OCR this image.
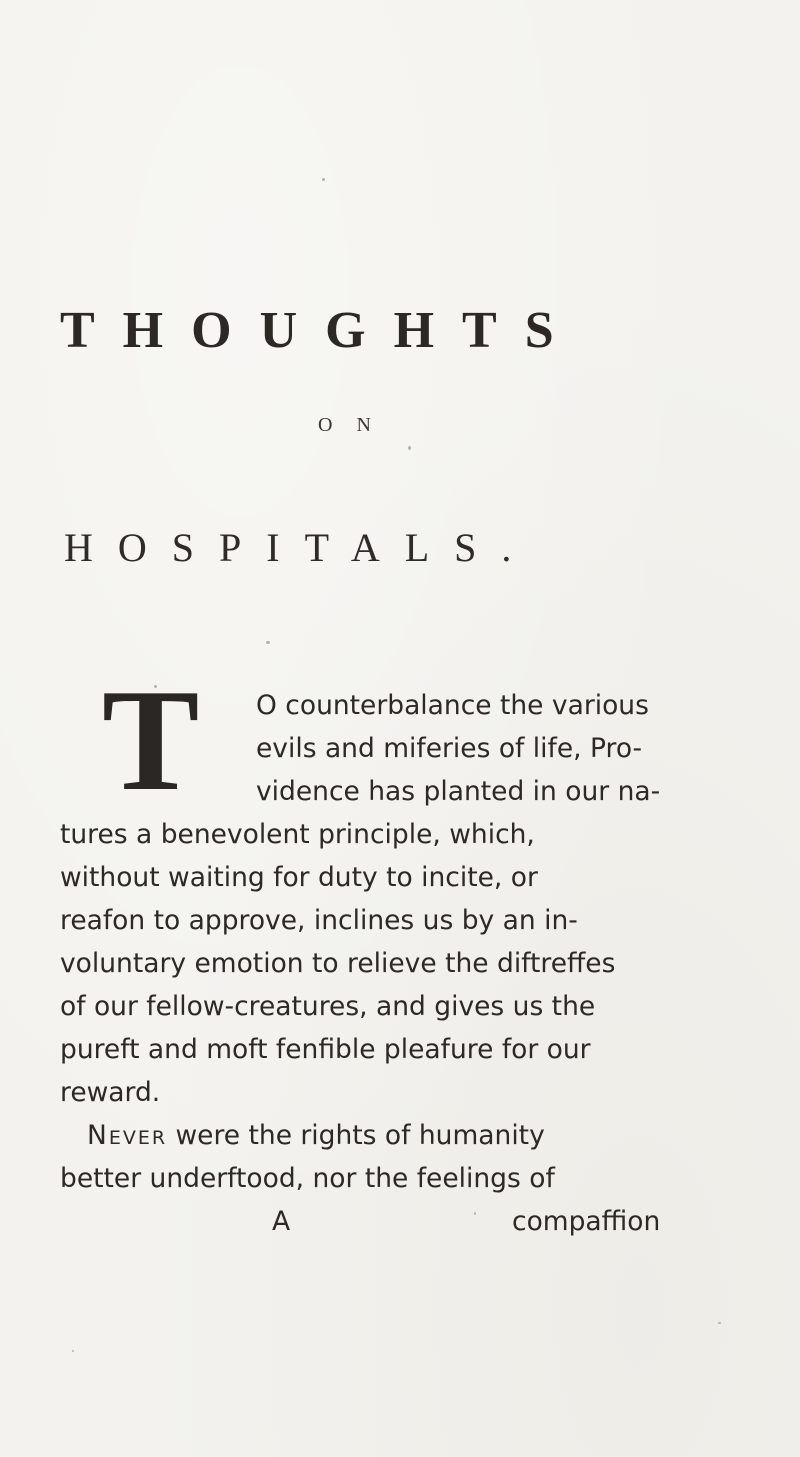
THOUGHTS
ON
HOSPITALS.
T	O counterbalance the various
evils and miferies of life, Pro-
vidence has planted in our na-
tures a benevolent principle, which,
without waiting for duty to incite, or
reafon to approve, inclines us by an in-
voluntary emotion to relieve the diftreffes
of our fellow-creatures, and gives us the
pureft and moft fenfible pleafure for our
reward.
Never were the rights of humanity
better underftood, nor the feelings of
A	compaffion
